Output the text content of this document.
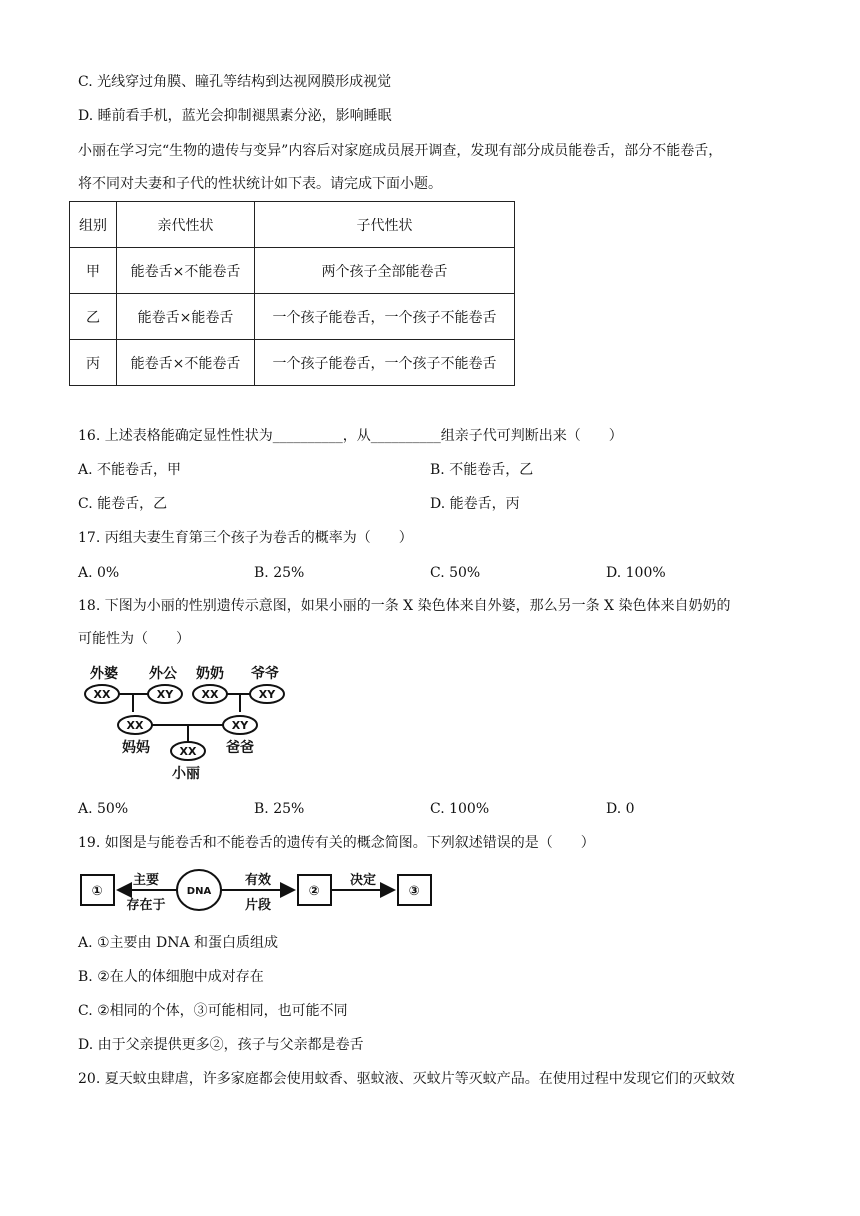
C. 光线穿过角膜、瞳孔等结构到达视网膜形成视觉
D. 睡前看手机，蓝光会抑制褪黑素分泌，影响睡眠
小丽在学习完“生物的遗传与变异”内容后对家庭成员展开调查，发现有部分成员能卷舌，部分不能卷舌，
将不同对夫妻和子代的性状统计如下表。请完成下面小题。
组别	亲代性状	子代性状
甲	能卷舌×不能卷舌	两个孩子全部能卷舌
乙	能卷舌×能卷舌	一个孩子能卷舌，一个孩子不能卷舌
丙	能卷舌×不能卷舌	一个孩子能卷舌，一个孩子不能卷舌
16. 上述表格能确定显性性状为__________，从__________组亲子代可判断出来（　　）
A. 不能卷舌，甲	B. 不能卷舌，乙
C. 能卷舌，乙	D. 能卷舌，丙
17. 丙组夫妻生育第三个孩子为卷舌的概率为（　　）
A. 0%	B. 25%	C. 50%	D. 100%
18. 下图为小丽的性别遗传示意图，如果小丽的一条 X 染色体来自外婆，那么另一条 X 染色体来自奶奶的
可能性为（　　）
XX	XY	XX	XY
XX	XY
XX
外婆 外公 奶奶 爷爷
妈妈	爸爸
小丽
A. 50%	B. 25%	C. 100%	D. 0
19. 如图是与能卷舌和不能卷舌的遗传有关的概念简图。下列叙述错误的是（　　）
①	DNA	②
主要
存在于
有效
片段
决定
③
A. ①主要由 DNA 和蛋白质组成
B. ②在人的体细胞中成对存在
C. ②相同的个体，③可能相同，也可能不同
D. 由于父亲提供更多②，孩子与父亲都是卷舌
20. 夏天蚊虫肆虐，许多家庭都会使用蚊香、驱蚊液、灭蚊片等灭蚊产品。在使用过程中发现它们的灭蚊效
